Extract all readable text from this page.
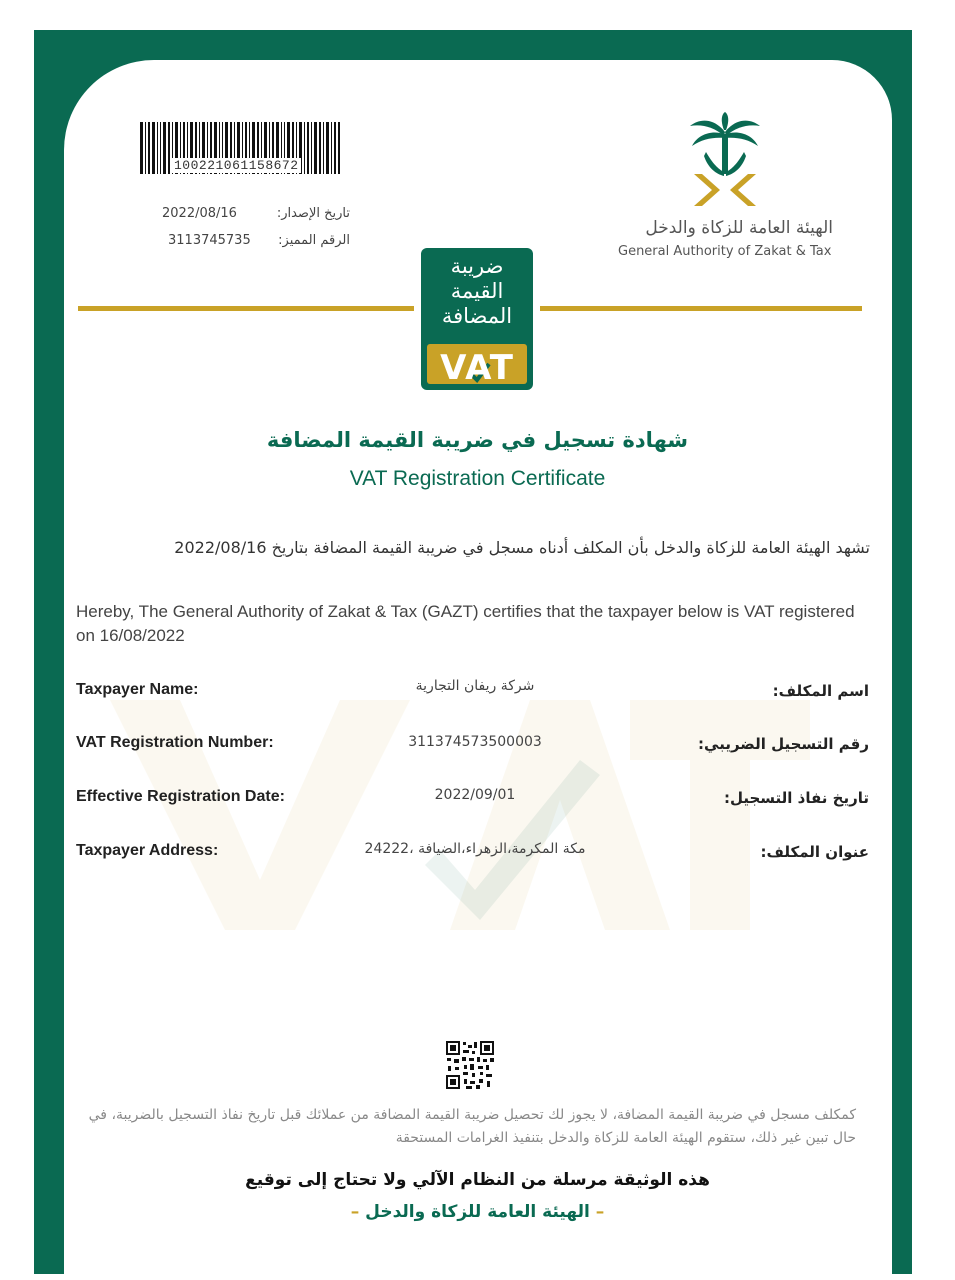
100221061158672
تاريخ الإصدار:
2022/08/16
الرقم المميز:
3113745735
الهيئة العامة للزكاة والدخل
General Authority of Zakat & Tax
ضريبة
القيمة
المضافة
VAT
شهادة تسجيل في ضريبة القيمة المضافة
VAT Registration Certificate
تشهد الهيئة العامة للزكاة والدخل بأن المكلف أدناه مسجل في ضريبة القيمة المضافة بتاريخ 2022/08/16
Hereby, The General Authority of Zakat & Tax (GAZT) certifies that the taxpayer below is VAT registered on 16/08/2022
Taxpayer Name:	شركة ريفان التجارية	اسم المكلف:
VAT Registration Number:	311374573500003	رقم التسجيل الضريبي:
Effective Registration Date:	2022/09/01	تاريخ نفاذ التسجيل:
Taxpayer Address:	مكة المكرمة،الزهراء،الضيافة ،24222	عنوان المكلف:
كمكلف مسجل في ضريبة القيمة المضافة، لا يجوز لك تحصيل ضريبة القيمة المضافة من عملائك قبل تاريخ نفاذ التسجيل بالضريبة، في حال تبين غير ذلك، ستقوم الهيئة العامة للزكاة والدخل بتنفيذ الغرامات المستحقة
هذه الوثيقة مرسلة من النظام الآلي ولا تحتاج إلى توقيع
– الهيئة العامة للزكاة والدخل –
